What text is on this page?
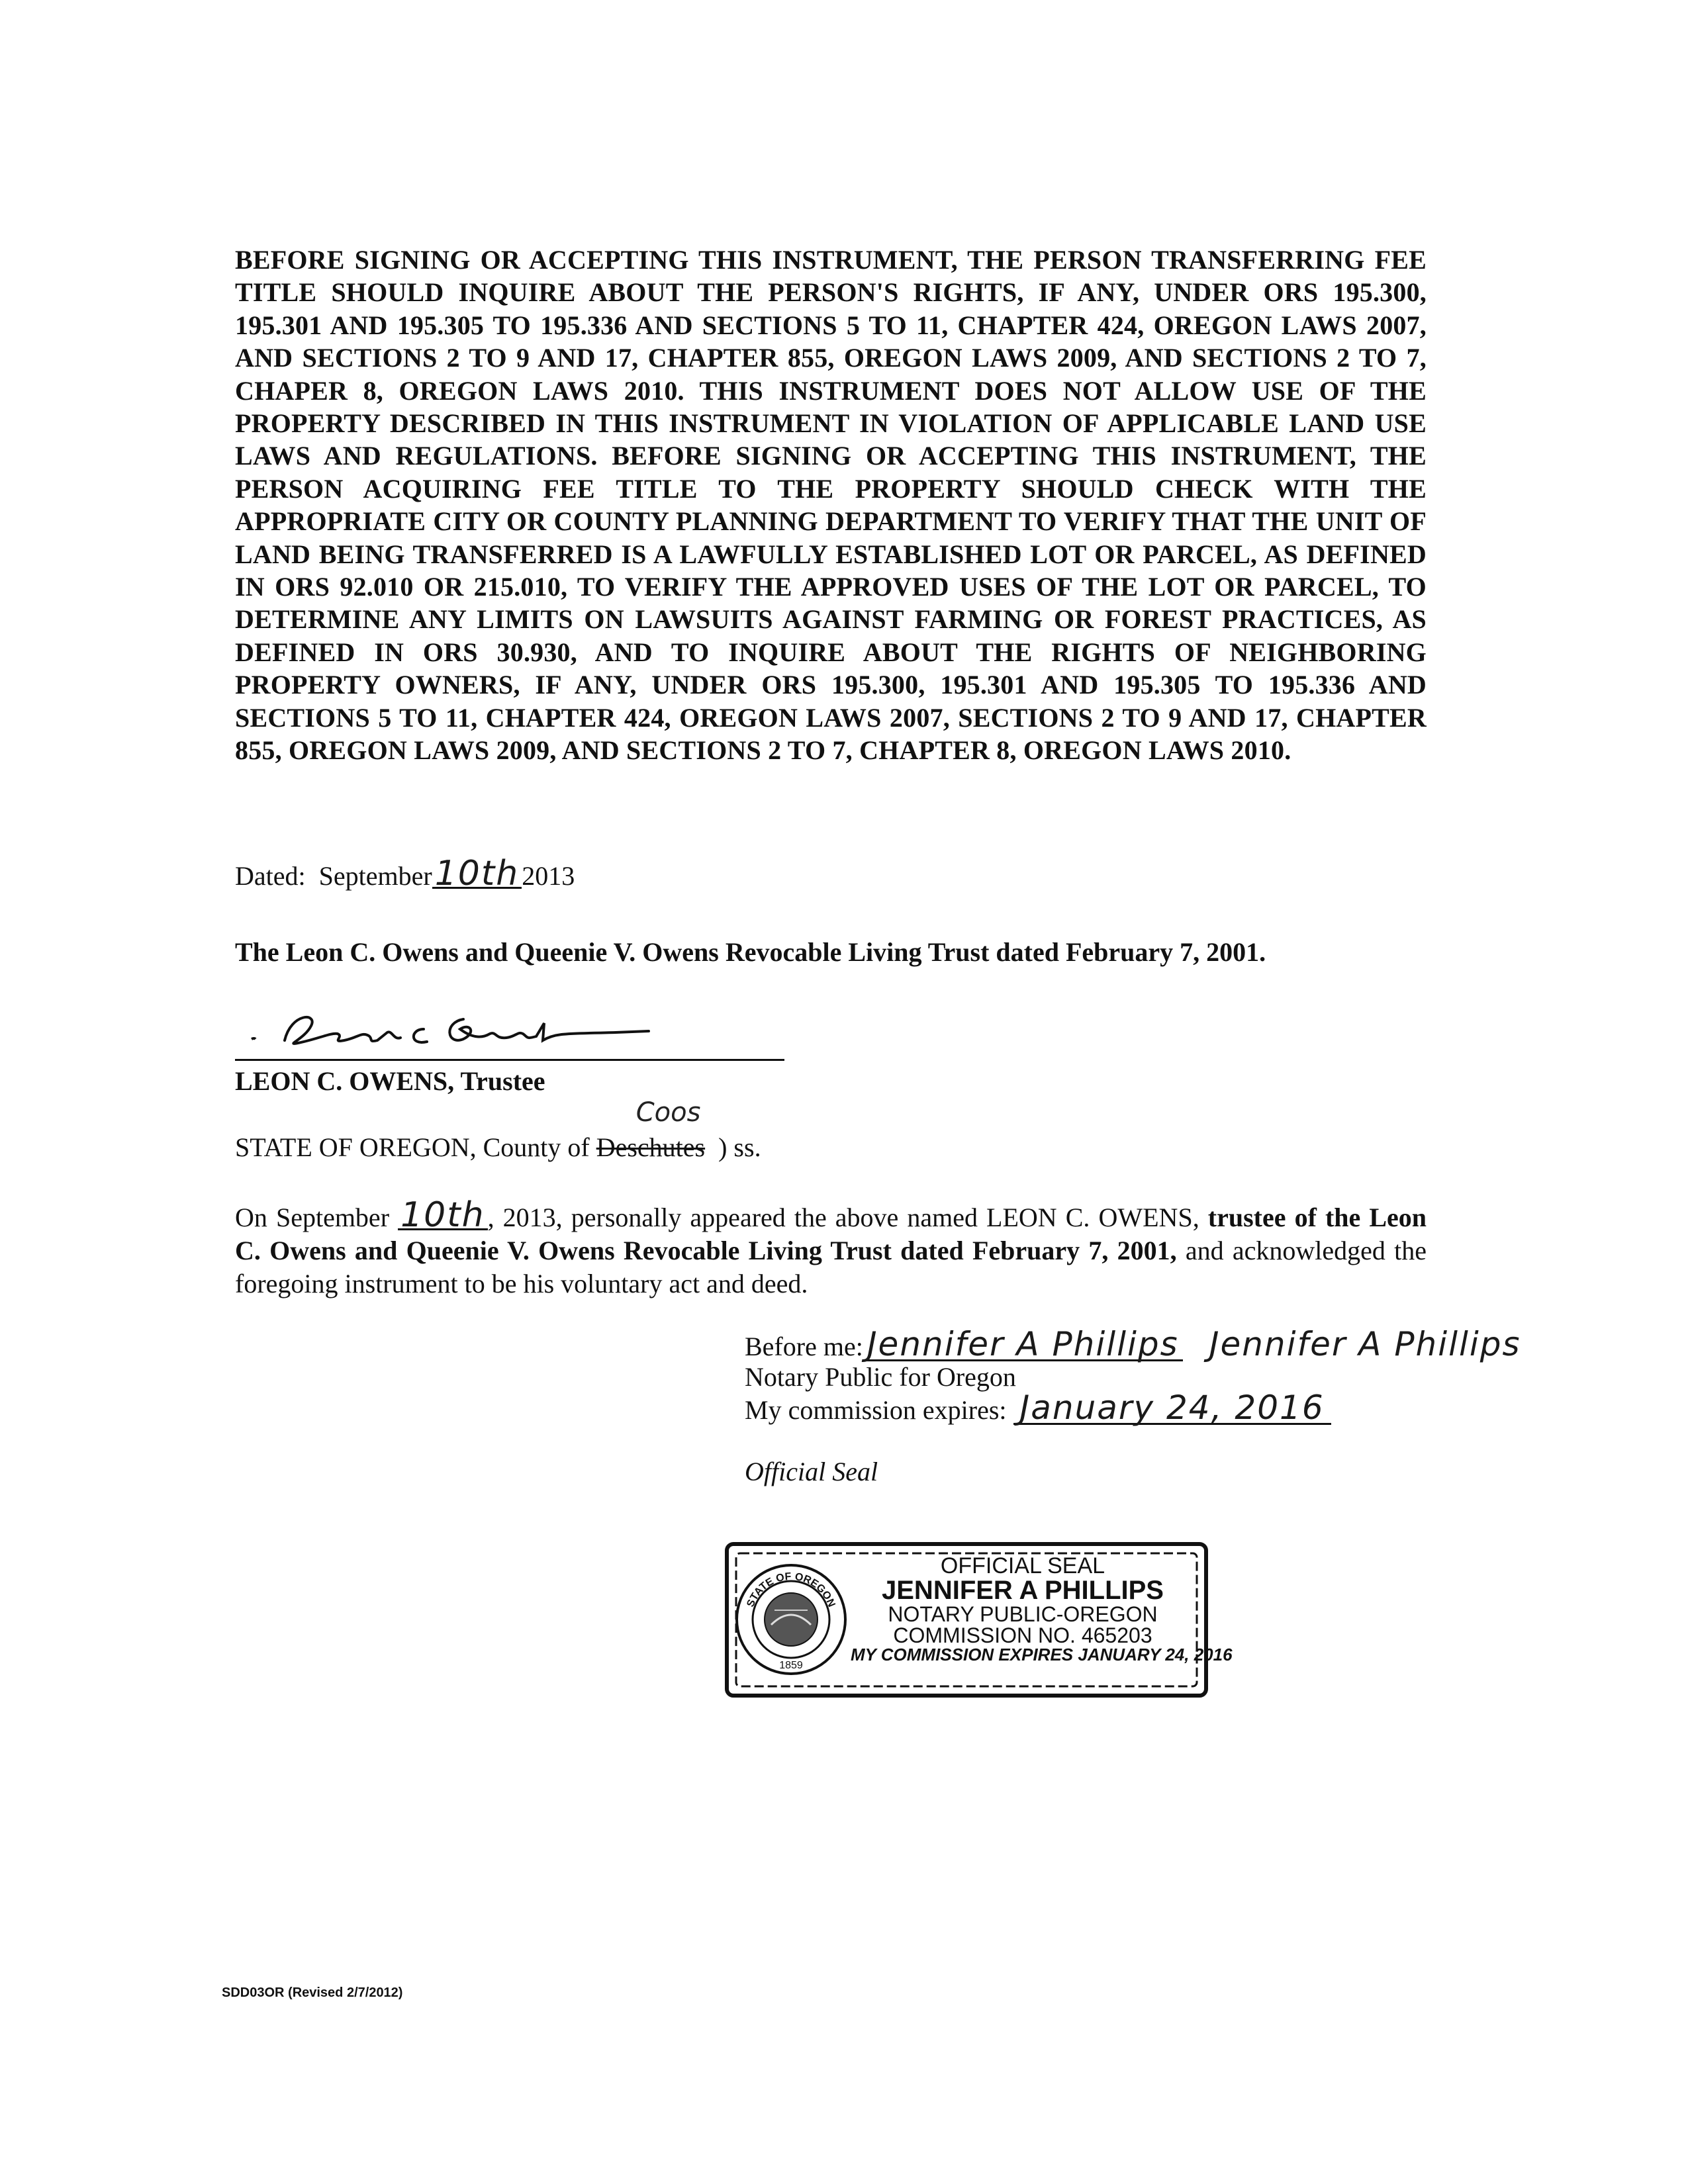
BEFORE SIGNING OR ACCEPTING THIS INSTRUMENT, THE PERSON TRANSFERRING FEE TITLE SHOULD INQUIRE ABOUT THE PERSON'S RIGHTS, IF ANY, UNDER ORS 195.300, 195.301 AND 195.305 TO 195.336 AND SECTIONS 5 TO 11, CHAPTER 424, OREGON LAWS 2007, AND SECTIONS 2 TO 9 AND 17, CHAPTER 855, OREGON LAWS 2009, AND SECTIONS 2 TO 7, CHAPER 8, OREGON LAWS 2010. THIS INSTRUMENT DOES NOT ALLOW USE OF THE PROPERTY DESCRIBED IN THIS INSTRUMENT IN VIOLATION OF APPLICABLE LAND USE LAWS AND REGULATIONS. BEFORE SIGNING OR ACCEPTING THIS INSTRUMENT, THE PERSON ACQUIRING FEE TITLE TO THE PROPERTY SHOULD CHECK WITH THE APPROPRIATE CITY OR COUNTY PLANNING DEPARTMENT TO VERIFY THAT THE UNIT OF LAND BEING TRANSFERRED IS A LAWFULLY ESTABLISHED LOT OR PARCEL, AS DEFINED IN ORS 92.010 OR 215.010, TO VERIFY THE APPROVED USES OF THE LOT OR PARCEL, TO DETERMINE ANY LIMITS ON LAWSUITS AGAINST FARMING OR FOREST PRACTICES, AS DEFINED IN ORS 30.930, AND TO INQUIRE ABOUT THE RIGHTS OF NEIGHBORING PROPERTY OWNERS, IF ANY, UNDER ORS 195.300, 195.301 AND 195.305 TO 195.336 AND SECTIONS 5 TO 11, CHAPTER 424, OREGON LAWS 2007, SECTIONS 2 TO 9 AND 17, CHAPTER 855, OREGON LAWS 2009, AND SECTIONS 2 TO 7, CHAPTER 8, OREGON LAWS 2010.
Dated: September10th 2013
The Leon C. Owens and Queenie V. Owens Revocable Living Trust dated February 7, 2001.
LEON C. OWENS, Trustee
STATE OF OREGON, County of
Coos
Deschutes ) ss.
On September 10th , 2013, personally appeared the above named LEON C. OWENS, trustee of the Leon C. Owens and Queenie V. Owens Revocable Living Trust dated February 7, 2001, and acknowledged the foregoing instrument to be his voluntary act and deed.
Before me: Jennifer A Phillips Jennifer A Phillips
Notary Public for Oregon
My commission expires: January 24, 2016
Official Seal
STATE OF OREGON
1859
OFFICIAL SEAL
JENNIFER A PHILLIPS
NOTARY PUBLIC-OREGON
COMMISSION NO. 465203
MY COMMISSION EXPIRES JANUARY 24, 2016
SDD03OR (Revised 2/7/2012)
